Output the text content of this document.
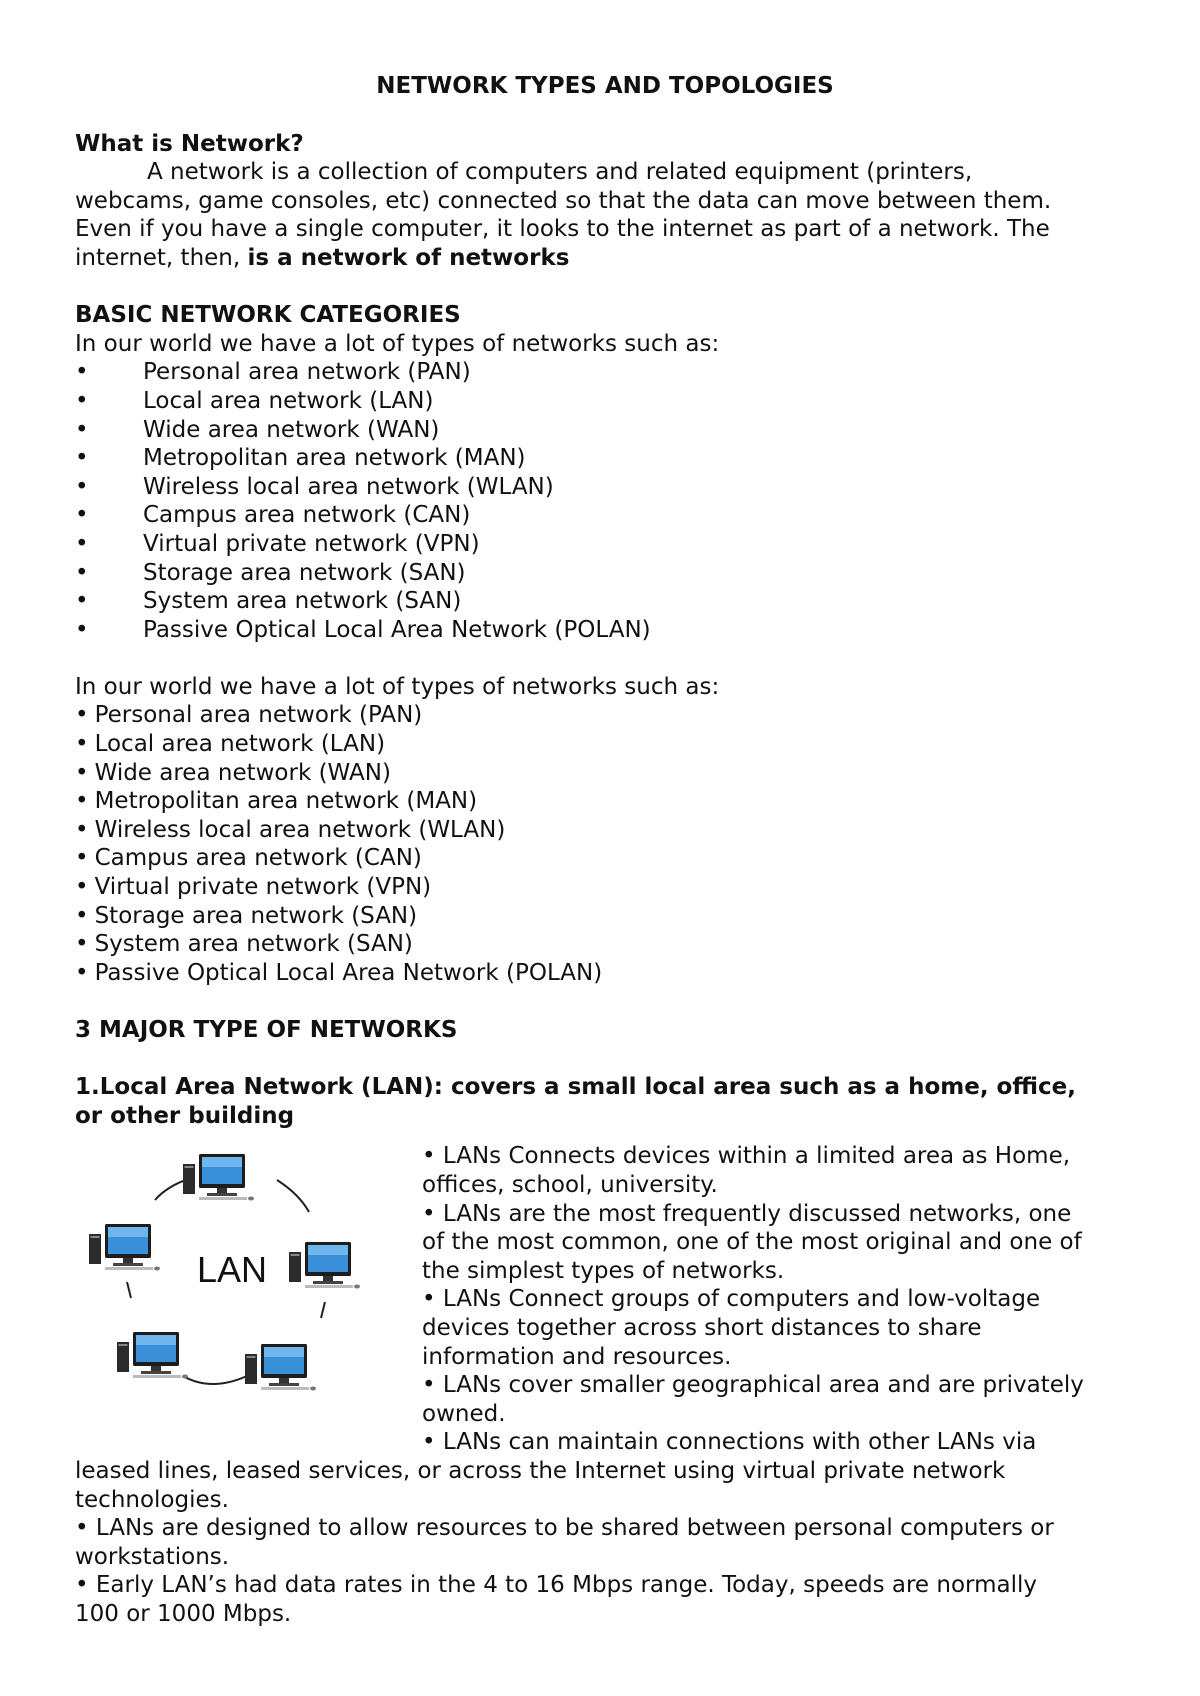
NETWORK TYPES AND TOPOLOGIES

What is Network?

A network is a collection of computers and related equipment (printers,

webcams, game consoles, etc) connected so that the data can move between them.

Even if you have a single computer, it looks to the internet as part of a network. The

internet, then, is a network of networks

BASIC NETWORK CATEGORIES

In our world we have a lot of types of networks such as:

• Personal area network (PAN)
• Local area network (LAN)
• Wide area network (WAN)
• Metropolitan area network (MAN)
• Wireless local area network (WLAN)
• Campus area network (CAN)
• Virtual private network (VPN)
• Storage area network (SAN)
• System area network (SAN)
• Passive Optical Local Area Network (POLAN)

In our world we have a lot of types of networks such as:

• Personal area network (PAN)
• Local area network (LAN)
• Wide area network (WAN)
• Metropolitan area network (MAN)
• Wireless local area network (WLAN)
• Campus area network (CAN)
• Virtual private network (VPN)
• Storage area network (SAN)
• System area network (SAN)
• Passive Optical Local Area Network (POLAN)

3 MAJOR TYPE OF NETWORKS

1.Local Area Network (LAN): covers a small local area such as a home, office,

or other building

LAN

• LANs Connects devices within a limited area as Home,

offices, school, university.

• LANs are the most frequently discussed networks, one

of the most common, one of the most original and one of

the simplest types of networks.

• LANs Connect groups of computers and low-voltage

devices together across short distances to share

information and resources.

• LANs cover smaller geographical area and are privately

owned.

• LANs can maintain connections with other LANs via

leased lines, leased services, or across the Internet using virtual private network

technologies.

• LANs are designed to allow resources to be shared between personal computers or

workstations.

• Early LAN’s had data rates in the 4 to 16 Mbps range. Today, speeds are normally

100 or 1000 Mbps.
